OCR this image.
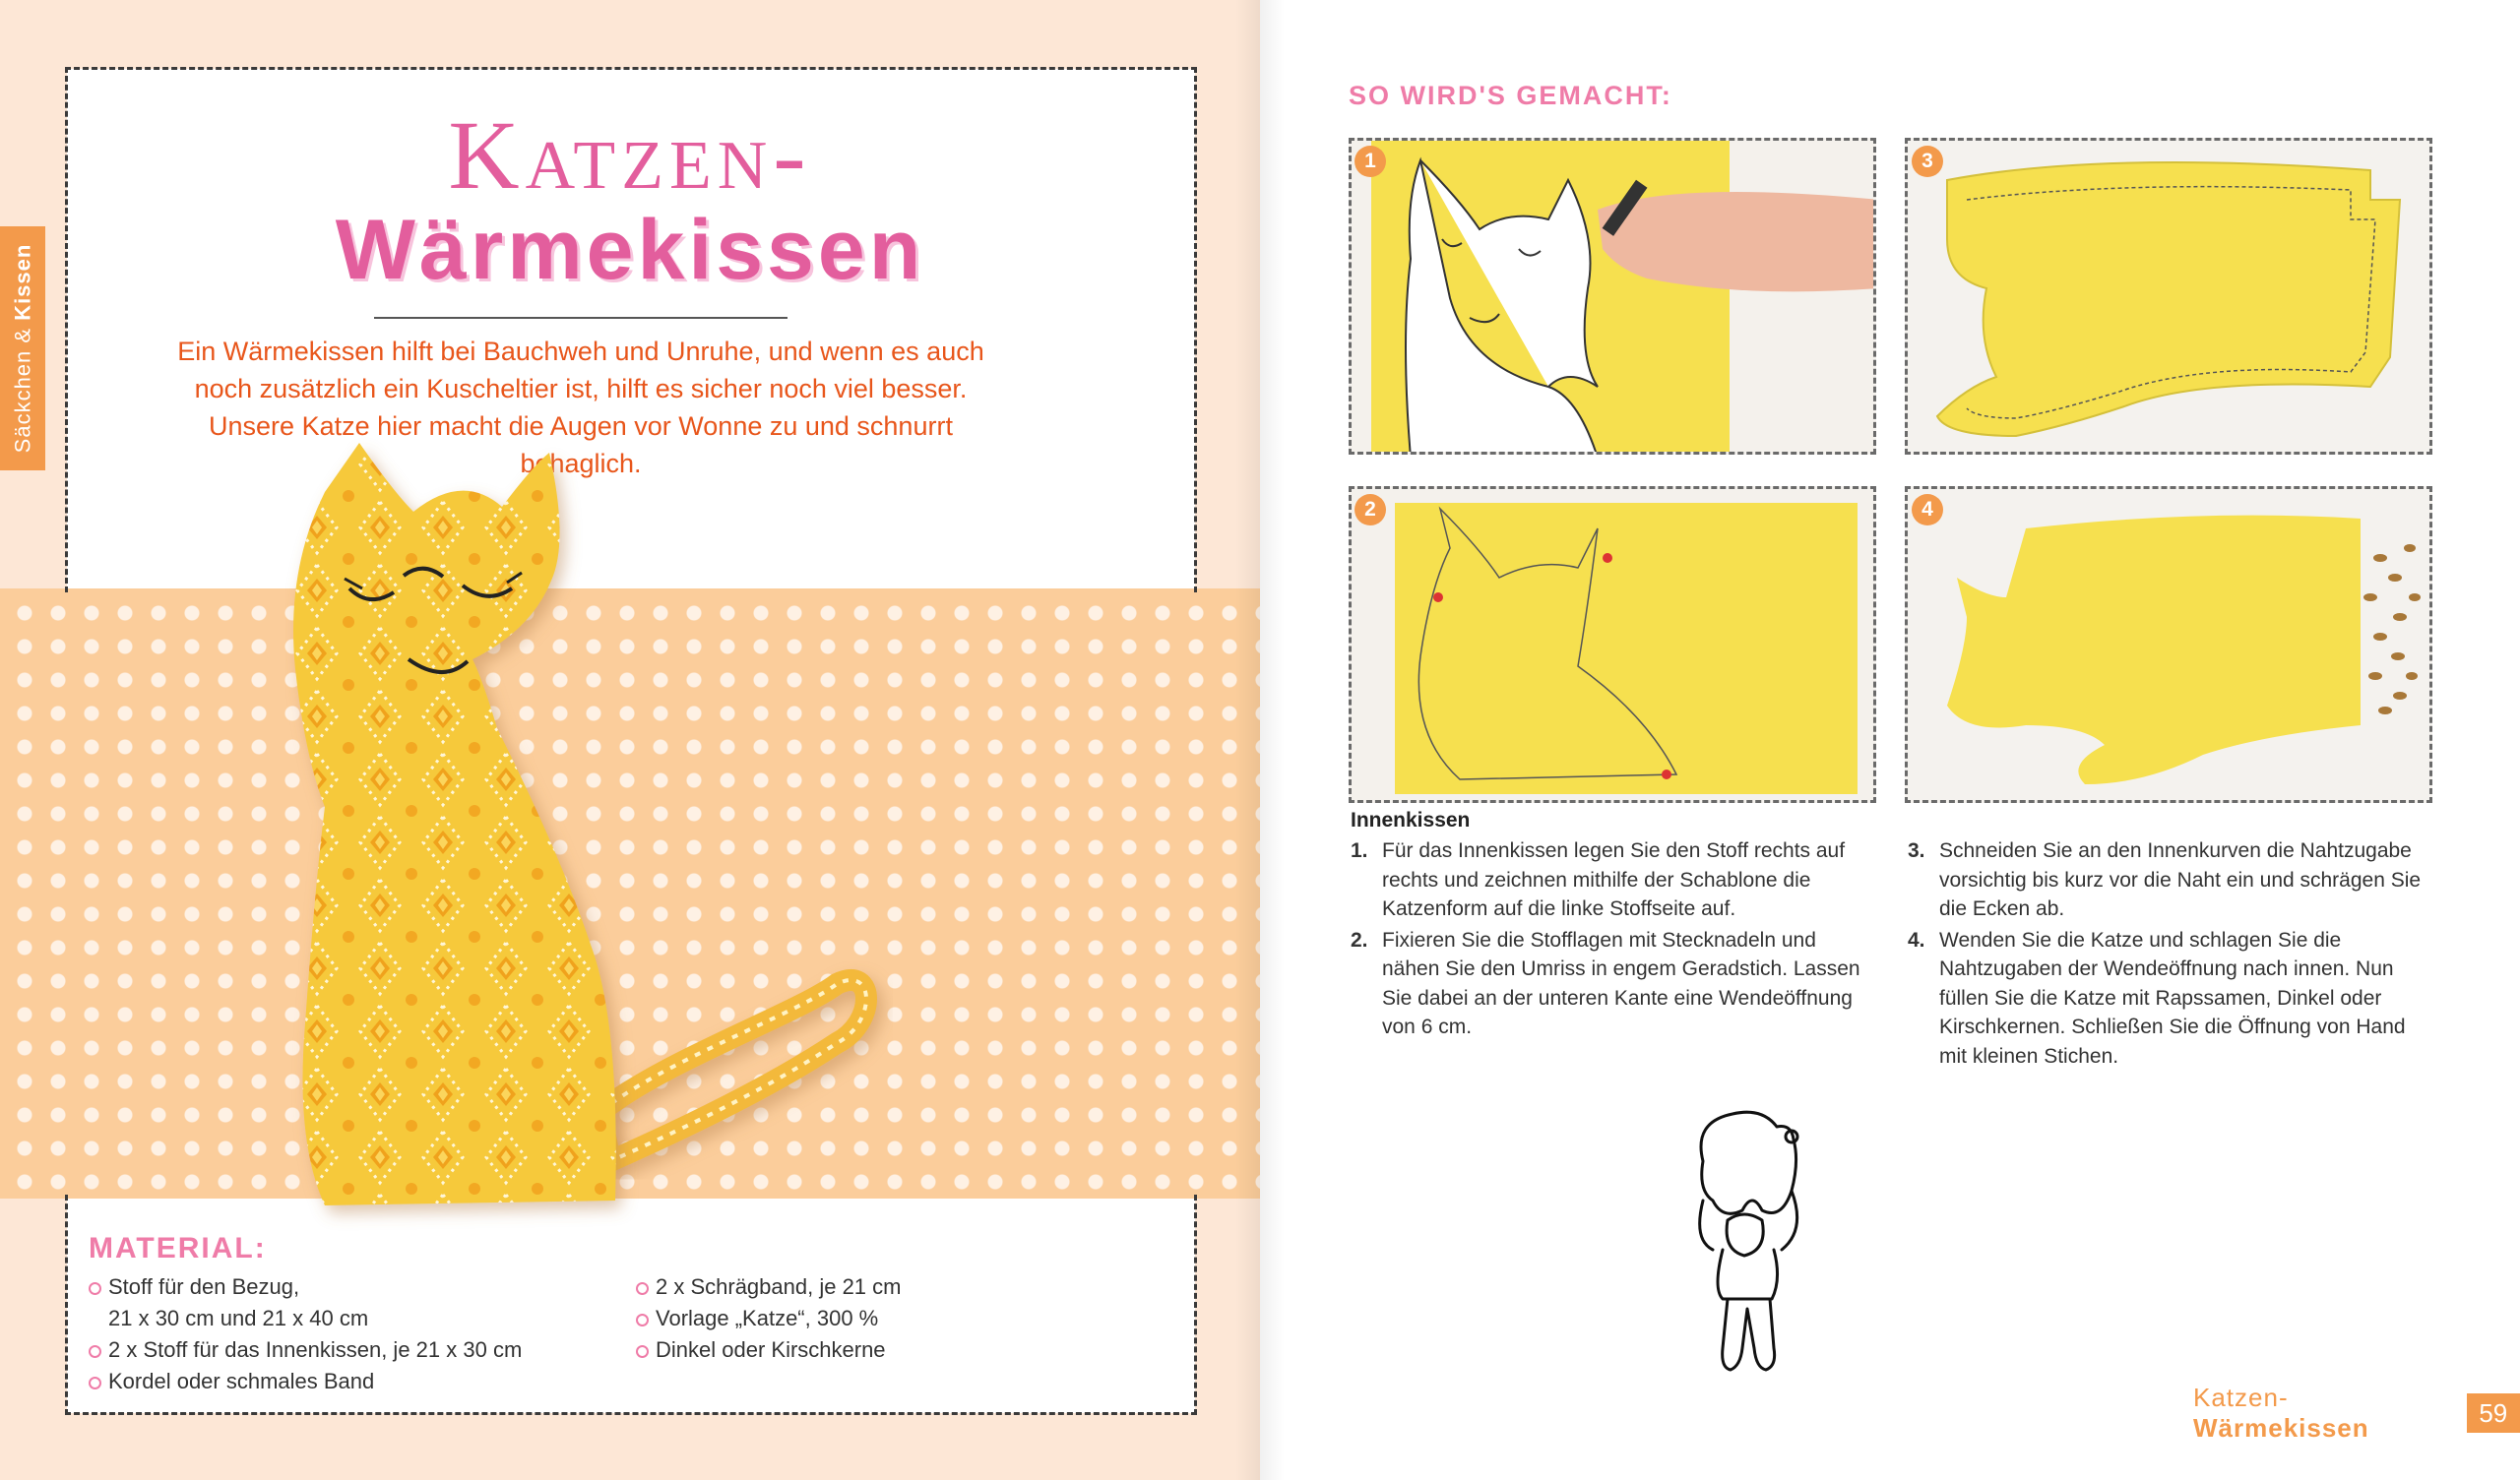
Säckchen & Kissen
Katzen-
Wärmekissen
Ein Wärmekissen hilft bei Bauchweh und Unruhe, und wenn es auch noch zusätzlich ein Kuscheltier ist, hilft es sicher noch viel besser. Unsere Katze hier macht die Augen vor Wonne zu und schnurrt behaglich.
MATERIAL:
Stoff für den Bezug,
21 x 30 cm und 21 x 40 cm
2 x Stoff für das Innenkissen, je 21 x 30 cm
Kordel oder schmales Band
2 x Schrägband, je 21 cm
Vorlage „Katze“, 300 %
Dinkel oder Kirschkerne
SO WIRD'S GEMACHT:
1	3
2	4
Innenkissen
1. Für das Innenkissen legen Sie den Stoff rechts auf rechts und zeichnen mithilfe der Schablone die Katzenform auf die linke Stoffseite auf.
2. Fixieren Sie die Stofflagen mit Stecknadeln und nähen Sie den Umriss in engem Geradstich. Lassen Sie dabei an der unteren Kante eine Wendeöffnung von 6 cm.
3. Schneiden Sie an den Innenkurven die Nahtzugabe vorsichtig bis kurz vor die Naht ein und schrägen Sie die Ecken ab.
4. Wenden Sie die Katze und schlagen Sie die Nahtzugaben der Wendeöffnung nach innen. Nun füllen Sie die Katze mit Rapssamen, Dinkel oder Kirschkernen. Schließen Sie die Öffnung von Hand mit kleinen Stichen.
Katzen-Wärmekissen
59
